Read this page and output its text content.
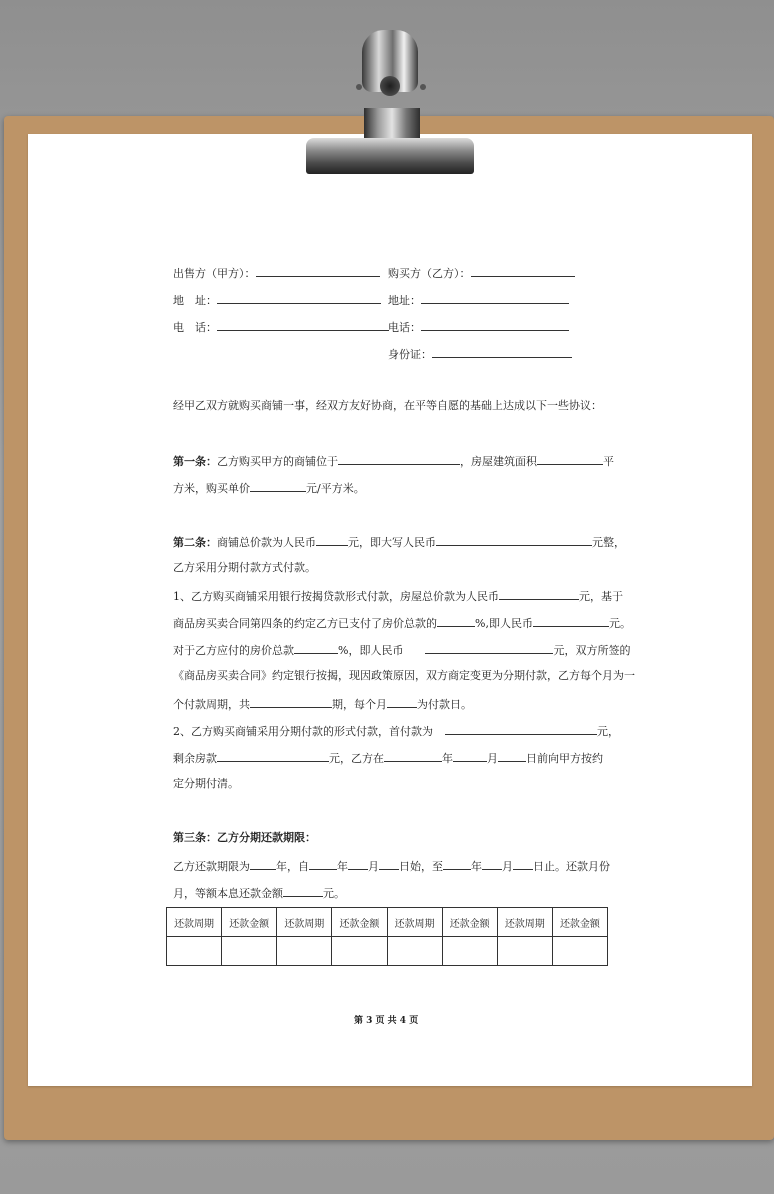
出售方（甲方）：	购买方（乙方）：
地　址：	地址：
电　话：	电话：
身份证：
经甲乙双方就购买商铺一事，经双方友好协商，在平等自愿的基础上达成以下一些协议：
第一条：乙方购买甲方的商铺位于	，房屋建筑面积	平
方米，购买单价	元/平方米。
第二条：商铺总价款为人民币	元，即大写人民币	元整，
乙方采用分期付款方式付款。
1、乙方购买商铺采用银行按揭贷款形式付款，房屋总价款为人民币	元，基于
商品房买卖合同第四条的约定乙方已支付了房价总款的	%,即人民币	元。
对于乙方应付的房价总款	%，即人民币	元，双方所签的
《商品房买卖合同》约定银行按揭，现因政策原因，双方商定变更为分期付款，乙方每个月为一
个付款周期，共	期，每个月	为付款日。
2、乙方购买商铺采用分期付款的形式付款，首付款为	元，
剩余房款	元，乙方在	年	月	日前向甲方按约
定分期付清。
第三条：乙方分期还款期限：
乙方还款期限为 年，自	年 月 日始，至	年 月 日止。还款月份
月，等额本息还款金额	元。
还款周期	还款金额	还款周期	还款金额	还款周期	还款金额	还款周期	还款金额

第 3 页 共 4 页
